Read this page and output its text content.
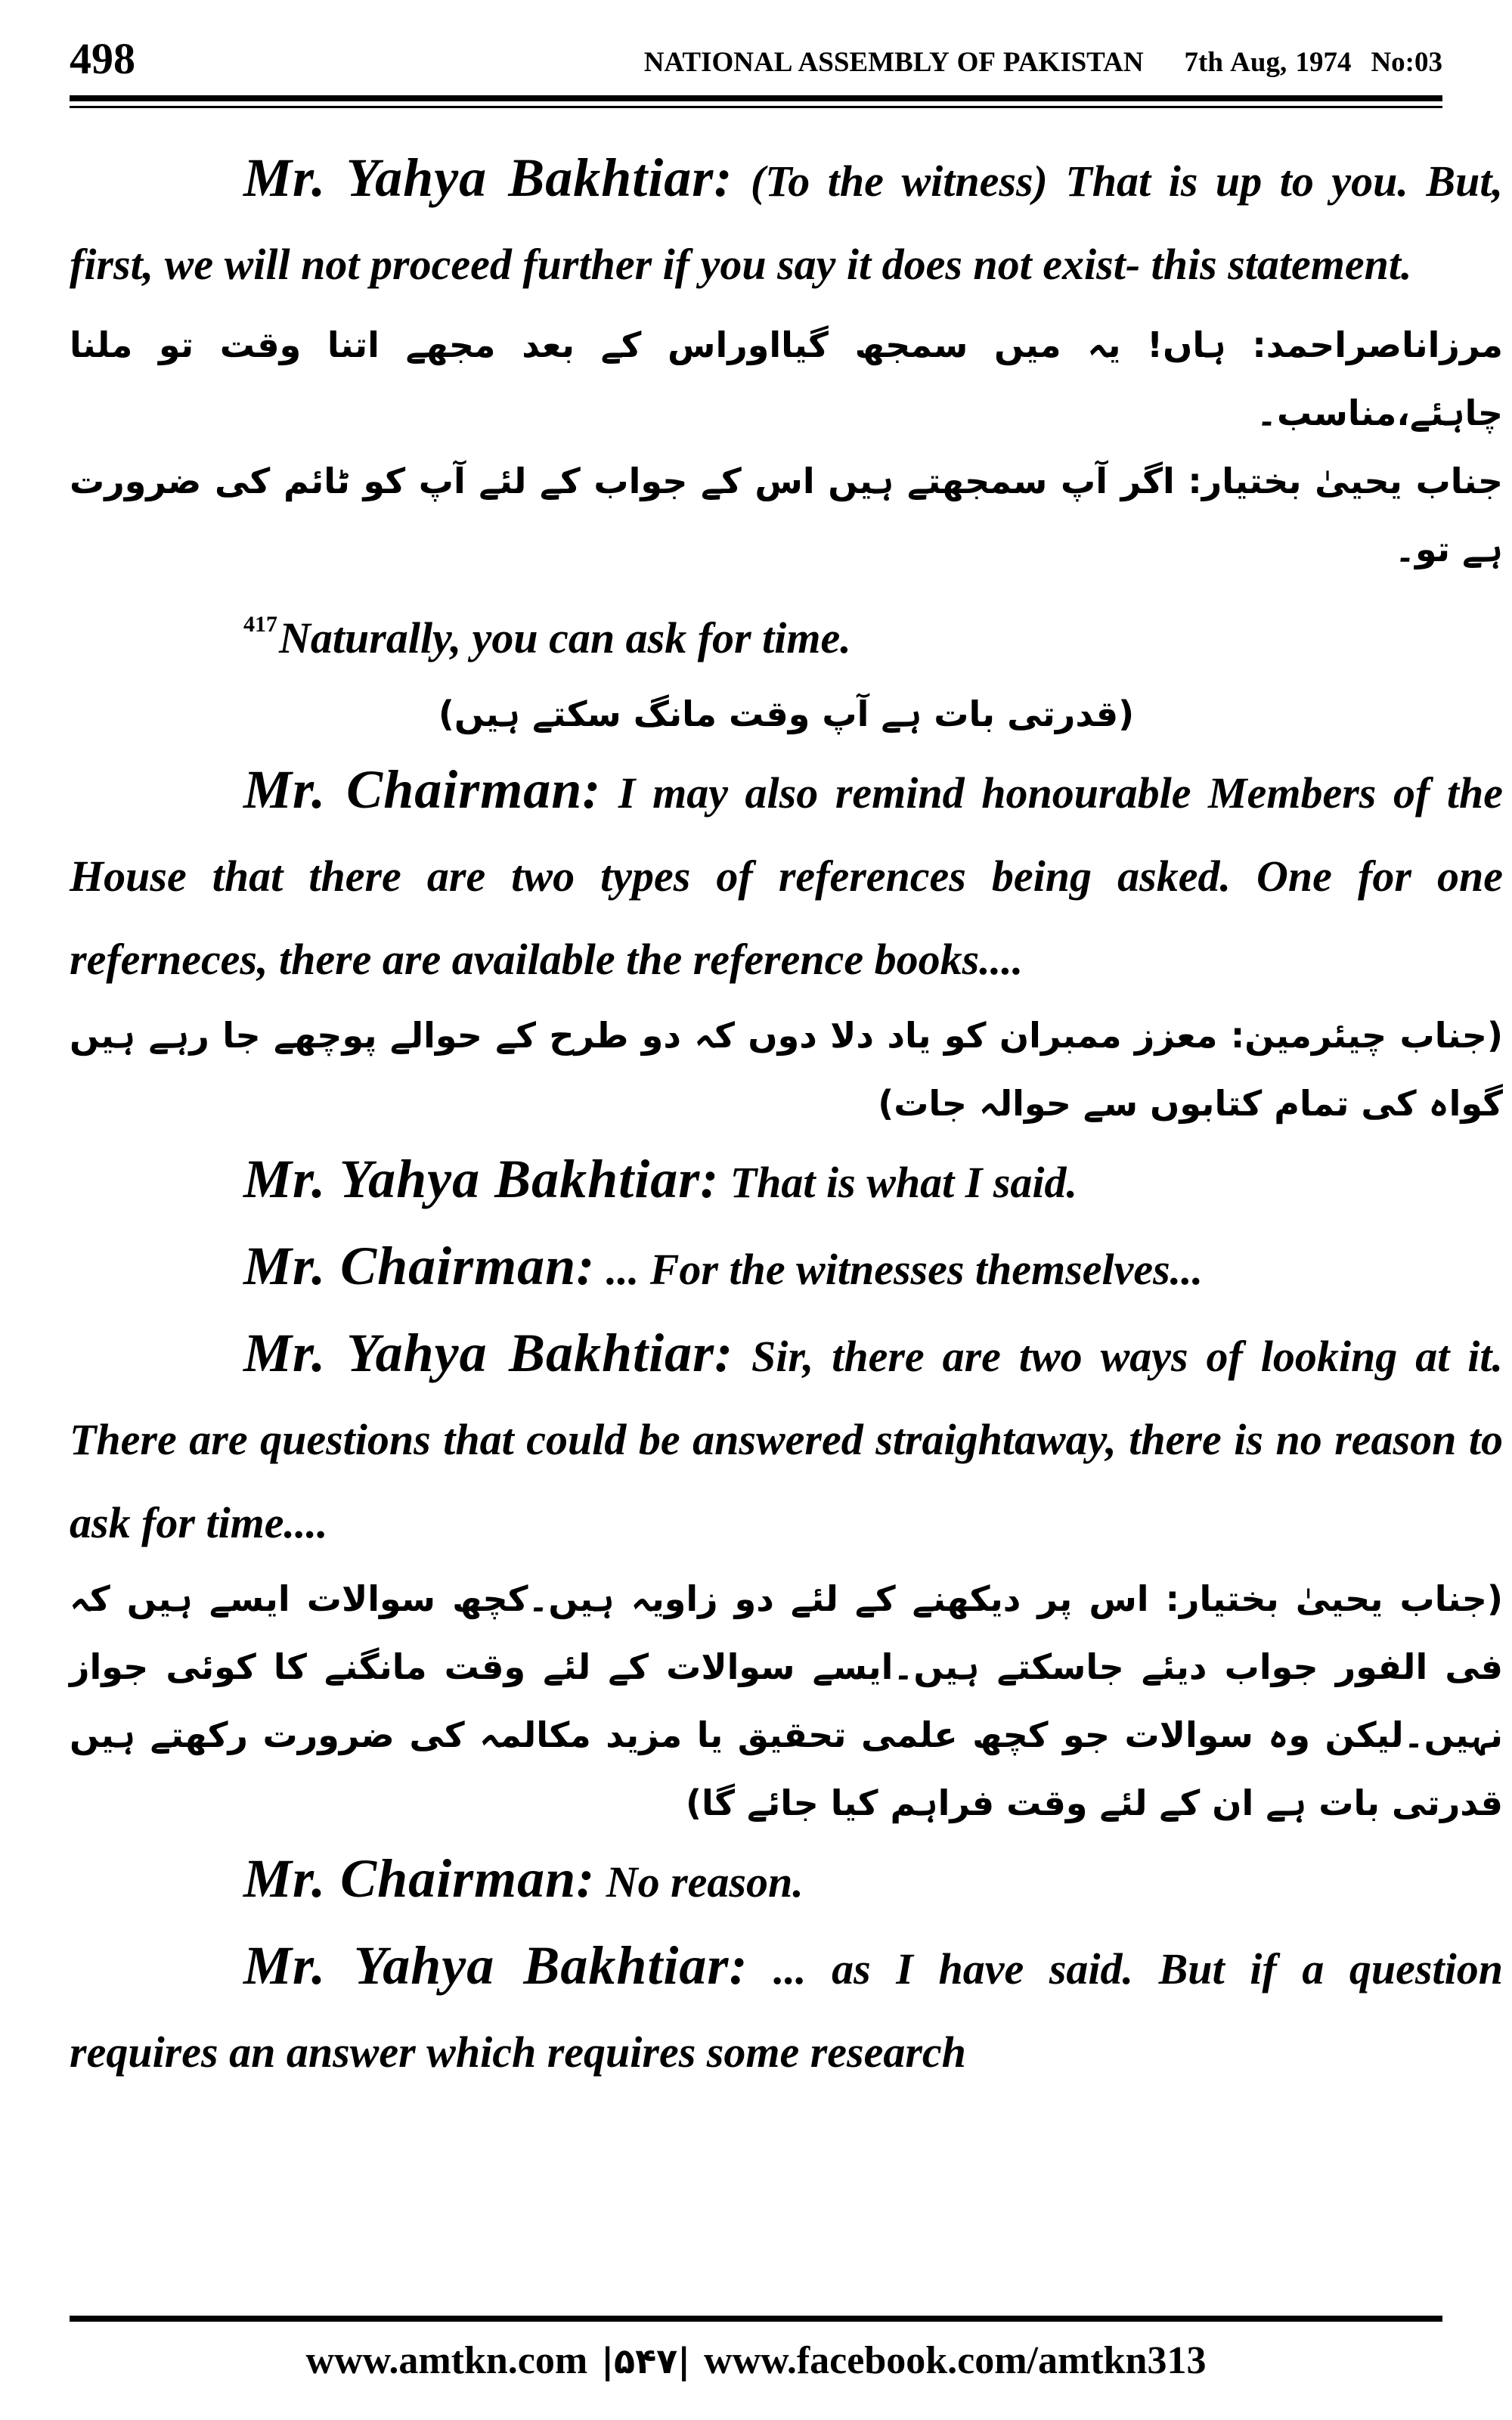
498	NATIONAL ASSEMBLY OF PAKISTAN 7th Aug, 1974 No:03

Mr. Yahya Bakhtiar: (To the witness) That is up to you. But, first, we will not proceed further if you say it does not exist- this statement.

مرزاناصراحمد: ہاں! یہ میں سمجھ گیااوراس کے بعد مجھے اتنا وقت تو ملنا چاہئے،مناسب۔

جناب یحییٰ بختیار: اگر آپ سمجھتے ہیں اس کے جواب کے لئے آپ کو ٹائم کی ضرورت ہے تو۔

$^{417}$Naturally, you can ask for time.

(قدرتی بات ہے آپ وقت مانگ سکتے ہیں)

Mr. Chairman: I may also remind honourable Members of the House that there are two types of references being asked. One for one referneces, there are available the reference books....

(جناب چیئرمین: معزز ممبران کو یاد دلا دوں کہ دو طرح کے حوالے پوچھے جا رہے ہیں گواہ کی تمام کتابوں سے حوالہ جات)

Mr. Yahya Bakhtiar: That is what I said.

Mr. Chairman: ... For the witnesses themselves...

Mr. Yahya Bakhtiar: Sir, there are two ways of looking at it. There are questions that could be answered straightaway, there is no reason to ask for time....

(جناب یحییٰ بختیار: اس پر دیکھنے کے لئے دو زاویہ ہیں۔کچھ سوالات ایسے ہیں کہ فی الفور جواب دیئے جاسکتے ہیں۔ایسے سوالات کے لئے وقت مانگنے کا کوئی جواز نہیں۔لیکن وہ سوالات جو کچھ علمی تحقیق یا مزید مکالمہ کی ضرورت رکھتے ہیں قدرتی بات ہے ان کے لئے وقت فراہم کیا جائے گا)

Mr. Chairman: No reason.

Mr. Yahya Bakhtiar: ... as I have said. But if a question requires an answer which requires some research

www.amtkn.com |۵۴۷| www.facebook.com/amtkn313
